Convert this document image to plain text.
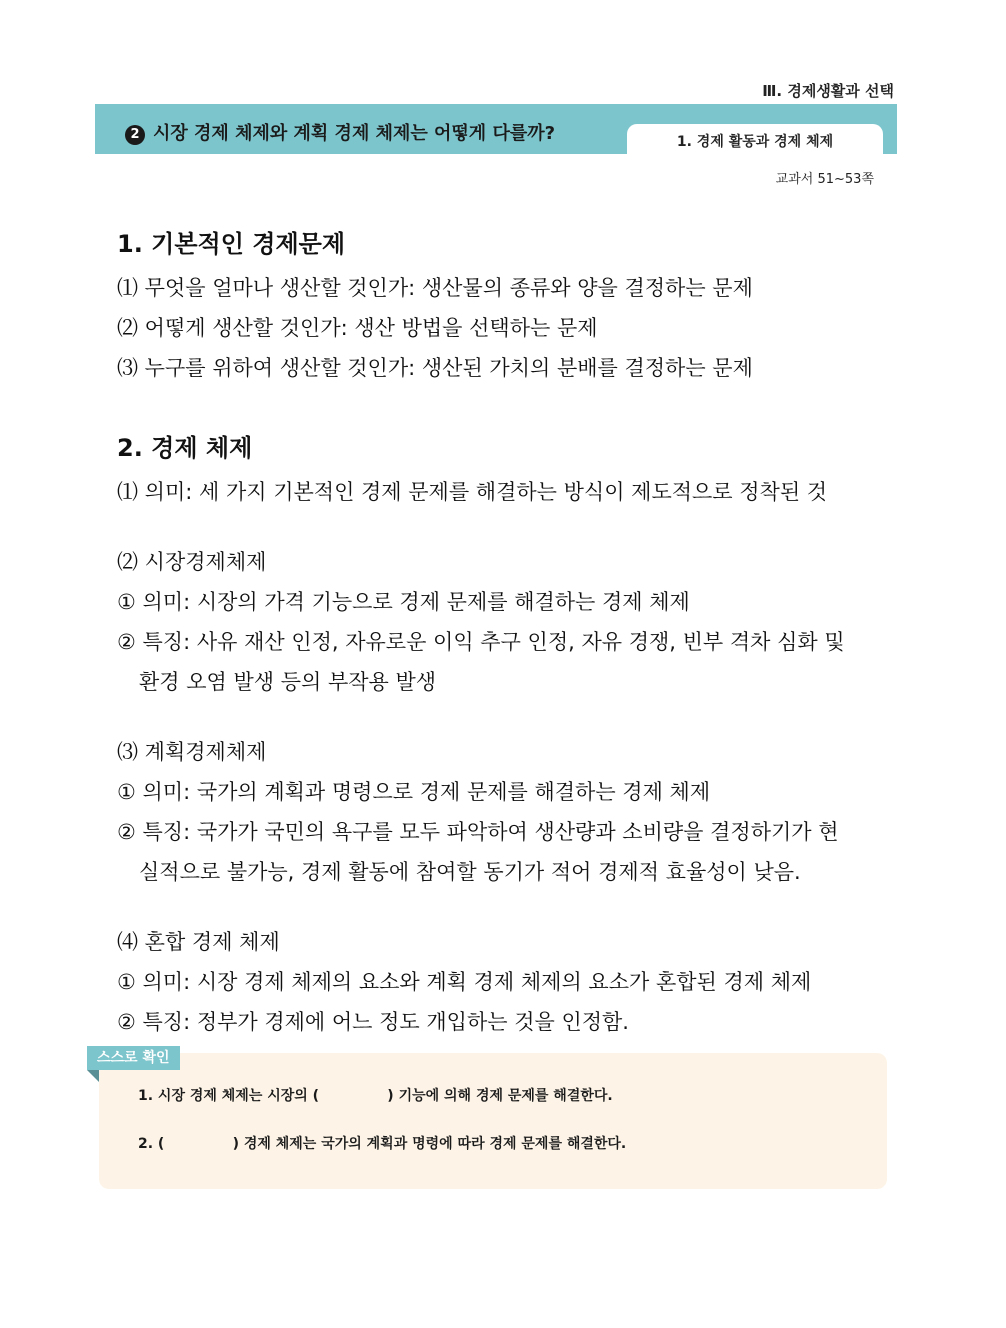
Ⅲ. 경제생활과 선택
2 시장 경제 체제와 계획 경제 체제는 어떻게 다를까?	1. 경제 활동과 경제 체제
교과서 51~53쪽

1. 기본적인 경제문제

⑴ 무엇을 얼마나 생산할 것인가: 생산물의 종류와 양을 결정하는 문제

⑵ 어떻게 생산할 것인가: 생산 방법을 선택하는 문제

⑶ 누구를 위하여 생산할 것인가: 생산된 가치의 분배를 결정하는 문제

2. 경제 체제

⑴ 의미: 세 가지 기본적인 경제 문제를 해결하는 방식이 제도적으로 정착된 것

⑵ 시장경제체제

① 의미: 시장의 가격 기능으로 경제 문제를 해결하는 경제 체제

② 특징: 사유 재산 인정, 자유로운 이익 추구 인정, 자유 경쟁, 빈부 격차 심화 및

환경 오염 발생 등의 부작용 발생

⑶ 계획경제체제

① 의미: 국가의 계획과 명령으로 경제 문제를 해결하는 경제 체제

② 특징: 국가가 국민의 욕구를 모두 파악하여 생산량과 소비량을 결정하기가 현

실적으로 불가능, 경제 활동에 참여할 동기가 적어 경제적 효율성이 낮음.

⑷ 혼합 경제 체제

① 의미: 시장 경제 체제의 요소와 계획 경제 체제의 요소가 혼합된 경제 체제

② 특징: 정부가 경제에 어느 정도 개입하는 것을 인정함.

스스로 확인
1. 시장 경제 체제는 시장의 (              ) 기능에 의해 경제 문제를 해결한다.
2. (              ) 경제 체제는 국가의 계획과 명령에 따라 경제 문제를 해결한다.
